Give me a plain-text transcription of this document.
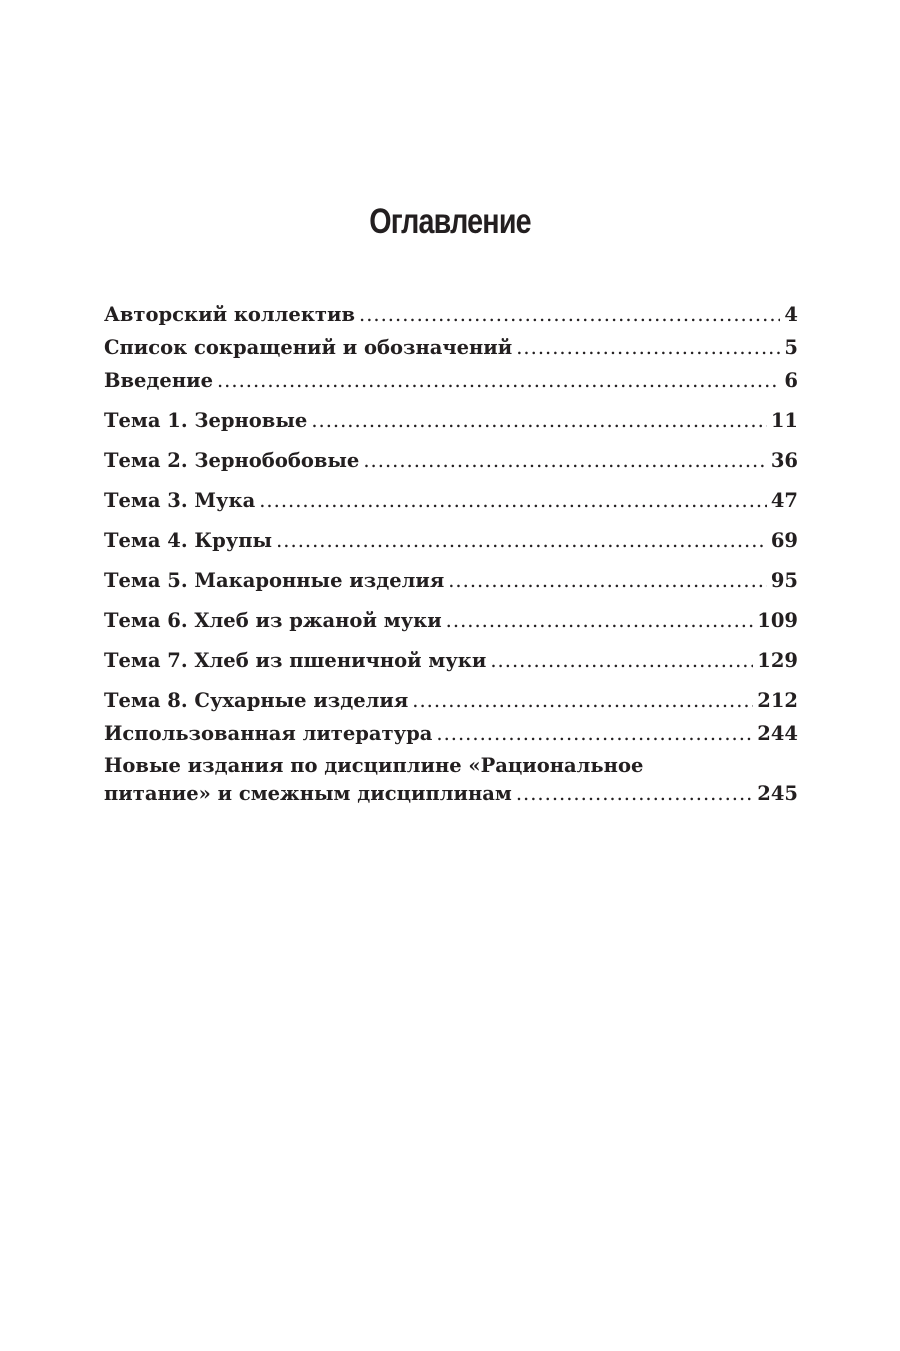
Оглавление
Авторский коллектив .....	4
Список сокращений и обозначений .....	5
Введение .....	6
Тема 1. Зерновые .....	11
Тема 2. Зернобобовые .....	36
Тема 3. Мука .....	47
Тема 4. Крупы .....	69
Тема 5. Макаронные изделия .....	95
Тема 6. Хлеб из ржаной муки .....	109
Тема 7. Хлеб из пшеничной муки .....	129
Тема 8. Сухарные изделия .....	212
Использованная литература .....	244
Новые издания по дисциплине «Рациональное
питание» и смежным дисциплинам .....	245
